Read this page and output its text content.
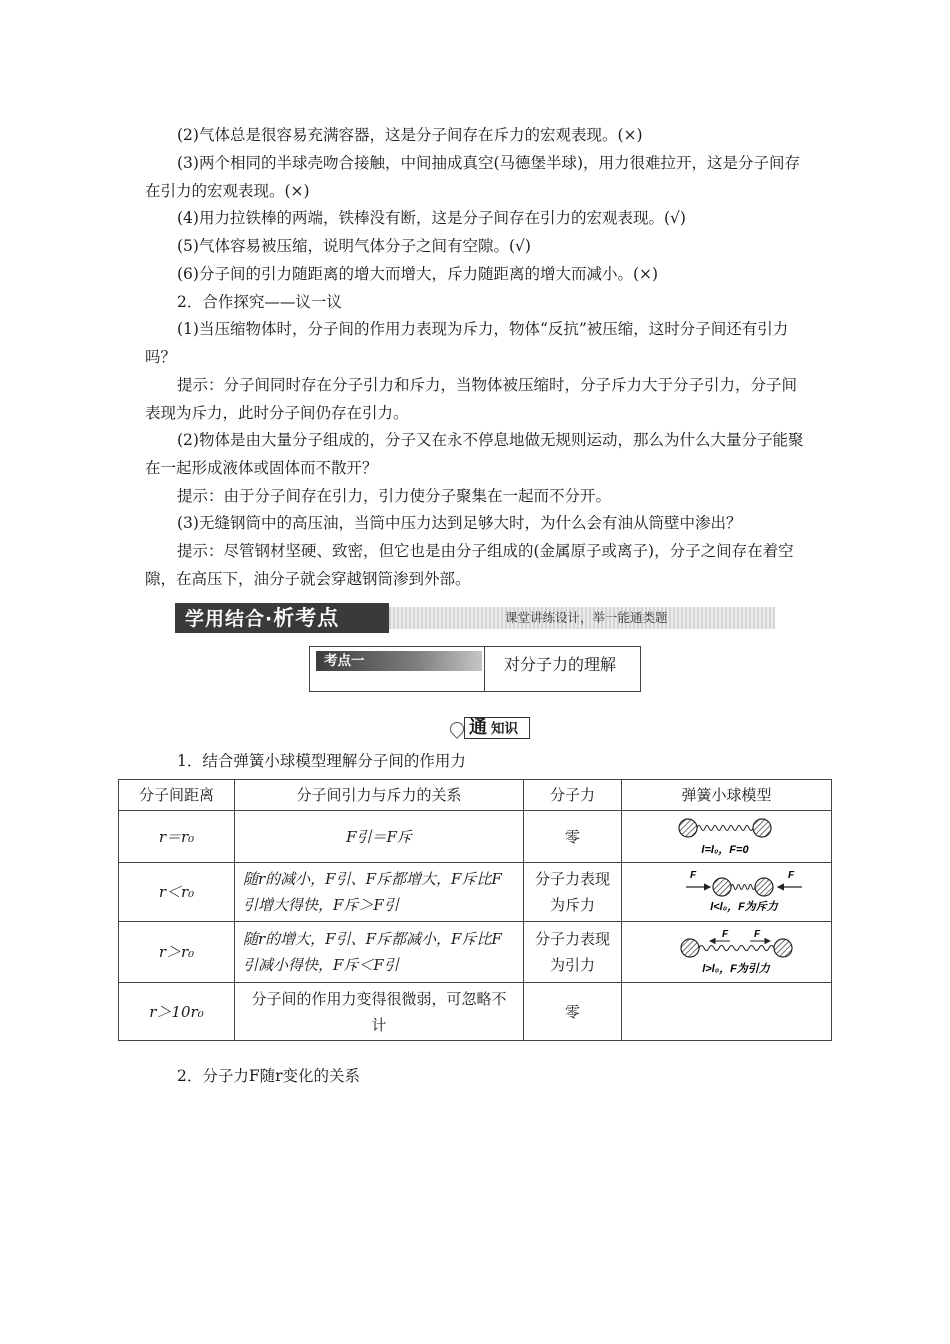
(2)气体总是很容易充满容器，这是分子间存在斥力的宏观表现。(×)

(3)两个相同的半球壳吻合接触，中间抽成真空(马德堡半球)，用力很难拉开，这是分子间存在引力的宏观表现。(×)

(4)用力拉铁棒的两端，铁棒没有断，这是分子间存在引力的宏观表现。(√)

(5)气体容易被压缩，说明气体分子之间有空隙。(√)

(6)分子间的引力随距离的增大而增大，斥力随距离的增大而减小。(×)

2．合作探究——议一议

(1)当压缩物体时，分子间的作用力表现为斥力，物体“反抗”被压缩，这时分子间还有引力吗？

提示：分子间同时存在分子引力和斥力，当物体被压缩时，分子斥力大于分子引力，分子间表现为斥力，此时分子间仍存在引力。

(2)物体是由大量分子组成的，分子又在永不停息地做无规则运动，那么为什么大量分子能聚在一起形成液体或固体而不散开？

提示：由于分子间存在引力，引力使分子聚集在一起而不分开。

(3)无缝钢筒中的高压油，当筒中压力达到足够大时，为什么会有油从筒壁中渗出？

提示：尽管钢材坚硬、致密，但它也是由分子组成的(金属原子或离子)，分子之间存在着空隙，在高压下，油分子就会穿越钢筒渗到外部。

学用结合·析考点	课堂讲练设计，举一能通类题
考点一	对分子力的理解
通 知识

1．结合弹簧小球模型理解分子间的作用力

分子间距离	分子间引力与斥力的关系	分子力	弹簧小球模型
r＝r₀	F引＝F斥	零	l=l₀，F=0

r＜r₀	随r的减小，F引、F斥都增大，F斥比F引增大得快，F斥＞F引	分子力表现为斥力	F F
l<l₀，F为斥力

r＞r₀	随r的增大，F引、F斥都减小，F斥比F引减小得快，F斥＜F引	分子力表现为引力	F F
l>l₀，F为引力

r＞10r₀	分子间的作用力变得很微弱，可忽略不计	零	

2．分子力F随r变化的关系
